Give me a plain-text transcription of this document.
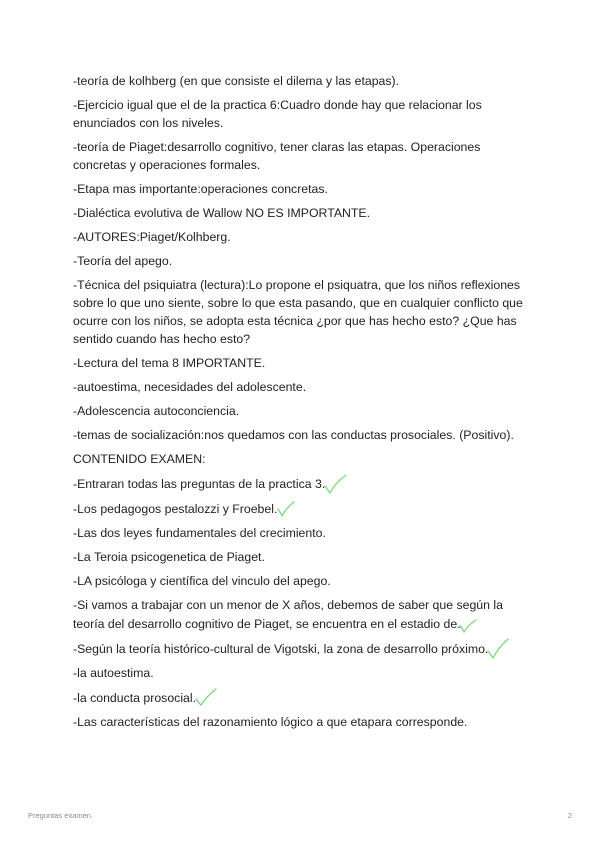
-teoría de kolhberg (en que consiste el dilema y las etapas).

-Ejercicio igual que el de la practica 6:Cuadro donde hay que relacionar los enunciados con los niveles.

-teoría de Piaget:desarrollo cognitivo, tener claras las etapas. Operaciones concretas y operaciones formales.

-Etapa mas importante:operaciones concretas.

-Dialéctica evolutiva de Wallow NO ES IMPORTANTE.

-AUTORES:Piaget/Kolhberg.

-Teoría del apego.

-Técnica del psiquiatra (lectura):Lo propone el psiquatra, que los niños reflexiones sobre lo que uno siente, sobre lo que esta pasando, que en cualquier conflicto que ocurre con los niños, se adopta esta técnica ¿por que has hecho esto? ¿Que has sentido cuando has hecho esto?

-Lectura del tema 8 IMPORTANTE.

-autoestima, necesidades del adolescente.

-Adolescencia autoconciencia.

-temas de socialización:nos quedamos con las conductas prosociales. (Positivo).

CONTENIDO EXAMEN:

-Entraran todas las preguntas de la practica 3.

-Los pedagogos pestalozzi y Froebel.

-Las dos leyes fundamentales del crecimiento.

-La Teroia psicogenetica de Piaget.

-LA psicóloga y científica del vinculo del apego.

-Si vamos a trabajar con un menor de X años, debemos de saber que según la teoría del desarrollo cognitivo de Piaget, se encuentra en el estadio de.

-Según la teoría histórico-cultural de Vigotski, la zona de desarrollo próximo.

-la autoestima.

-la conducta prosocial.

-Las características del razonamiento lógico a que etapara corresponde.

Preguntas examen.	2
